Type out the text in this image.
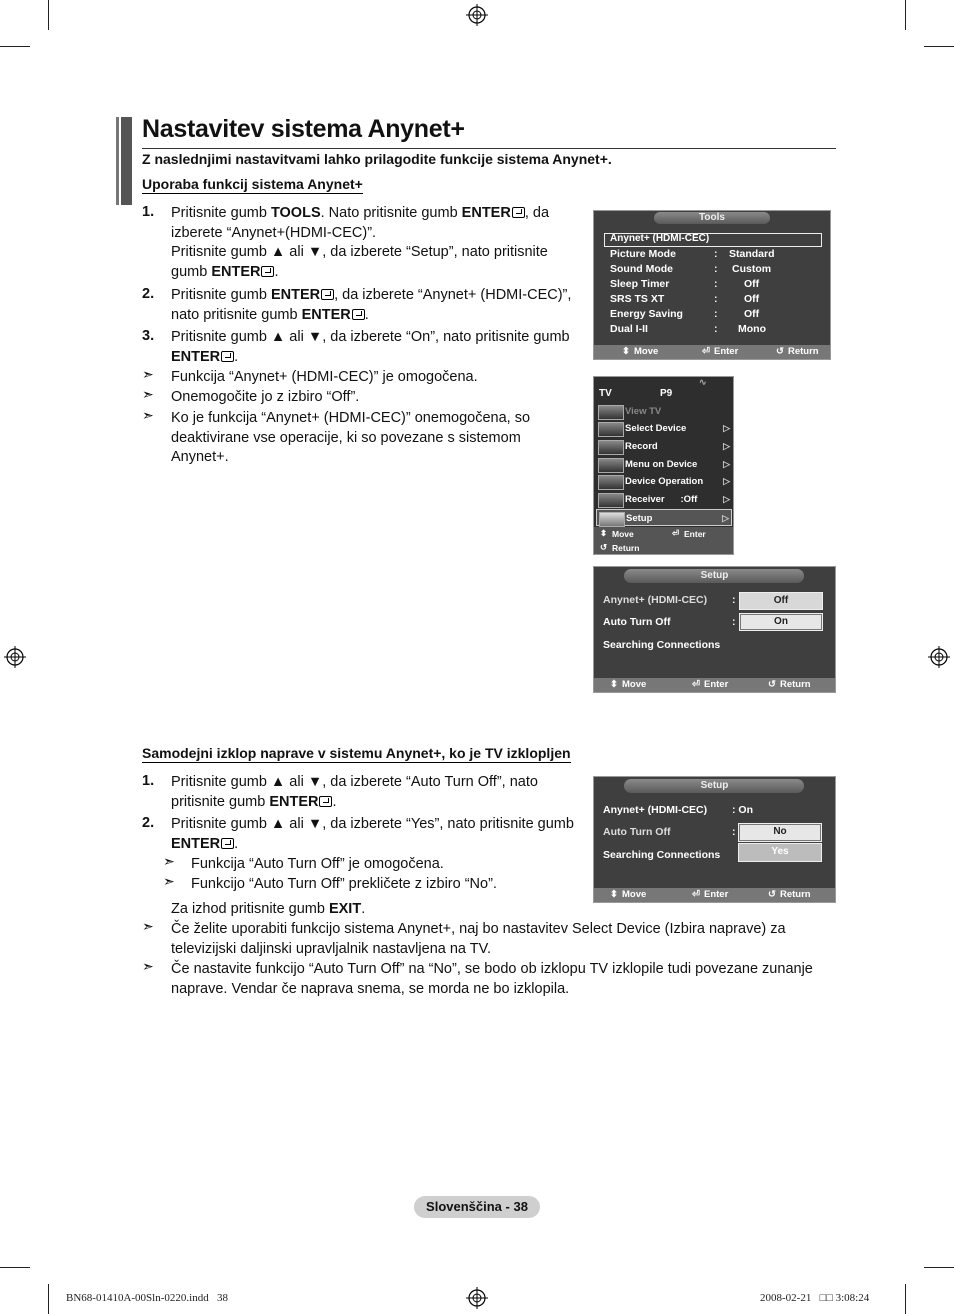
Nastavitev sistema Anynet+
Z naslednjimi nastavitvami lahko prilagodite funkcije sistema Anynet+.
Uporaba funkcij sistema Anynet+
1. Pritisnite gumb TOOLS. Nato pritisnite gumb ENTER , da izberete “Anynet+(HDMI-CEC)”.
Pritisnite gumb ▲ ali ▼, da izberete “Setup”, nato pritisnite gumb ENTER .
2. Pritisnite gumb ENTER , da izberete “Anynet+ (HDMI-CEC)”, nato pritisnite gumb ENTER .
3. Pritisnite gumb ▲ ali ▼, da izberete “On”, nato pritisnite gumb ENTER .
➣ Funkcija “Anynet+ (HDMI-CEC)” je omogočena.
➣ Onemogočite jo z izbiro “Off”.
➣ Ko je funkcija “Anynet+ (HDMI-CEC)” onemogočena, so deaktivirane vse operacije, ki so povezane s sistemom Anynet+.
Tools
Anynet+ (HDMI-CEC)
Picture Mode	: Standard
Sound Mode	: Custom
Sleep Timer	:	Off
SRS TS XT	:	Off
Energy Saving	:	Off
Dual I-II	: Mono
⬍ Move	⏎ Enter	↺ Return
TV	P9
∿
View TV
Select Device	▷
Record	▷
Menu on Device	▷
Device Operation ▷
Receiver      :Off	▷
Setup	▷
⬍ Move	⏎ Enter
↺ Return
Setup
Anynet+ (HDMI-CEC) :	Off
Auto Turn Off	:	On
Searching Connections
⬍ Move	⏎ Enter	↺ Return
Samodejni izklop naprave v sistemu Anynet+, ko je TV izklopljen
1. Pritisnite gumb ▲ ali ▼, da izberete “Auto Turn Off”, nato pritisnite gumb ENTER .
2. Pritisnite gumb ▲ ali ▼, da izberete “Yes”, nato pritisnite gumb ENTER .
➣ Funkcija “Auto Turn Off” je omogočena.
➣ Funkcijo “Auto Turn Off” prekličete z izbiro “No”.
Za izhod pritisnite gumb EXIT.
➣ Če želite uporabiti funkcijo sistema Anynet+, naj bo nastavitev Select Device (Izbira naprave) za televizijski daljinski upravljalnik nastavljena na TV.
➣ Če nastavite funkcijo “Auto Turn Off” na “No”, se bodo ob izklopu TV izklopile tudi povezane zunanje naprave. Vendar če naprava snema, se morda ne bo izklopila.
Setup
Anynet+ (HDMI-CEC) : On
Auto Turn Off	:	No
Searching Connections	Yes
⬍ Move	⏎ Enter	↺ Return
Slovenščina - 38
BN68-01410A-00Sln-0220.indd   38	2008-02-21   □□ 3:08:24
